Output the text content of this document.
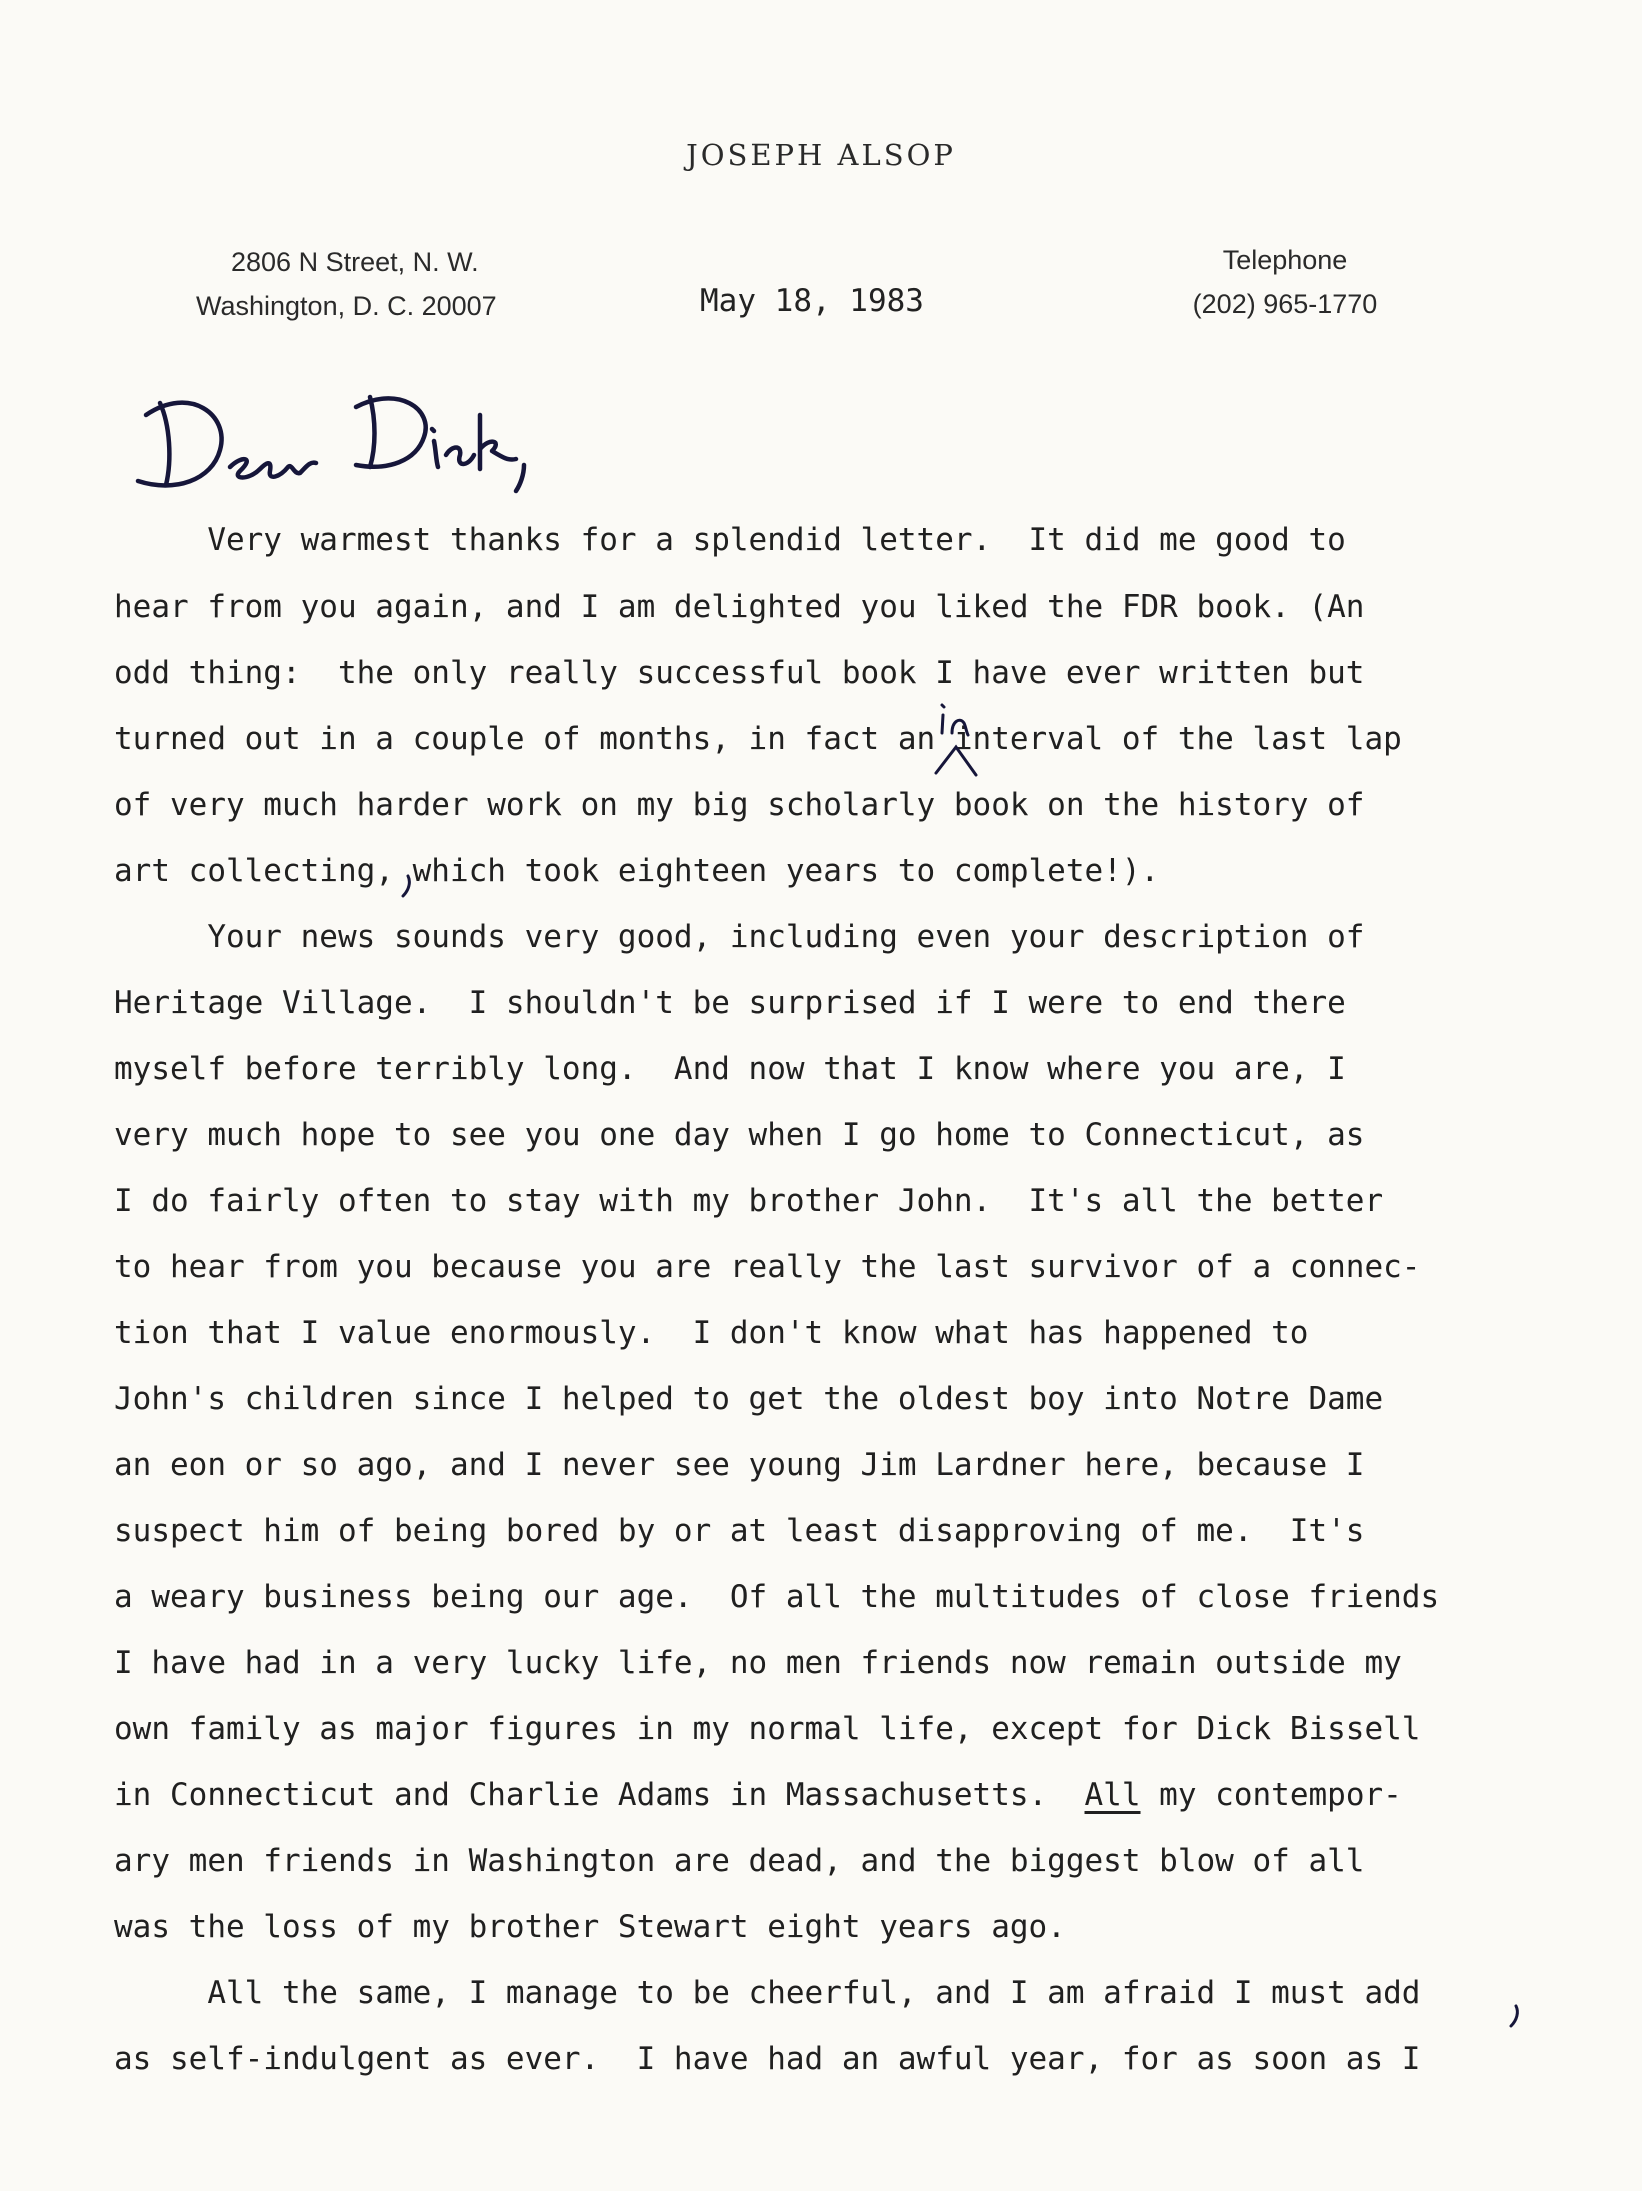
JOSEPH ALSOP
2806 N Street, N. W.
Washington, D. C. 20007
Telephone
(202) 965-1770
May 18, 1983
Very warmest thanks for a splendid letter.  It did me good to
hear from you again, and I am delighted you liked the FDR book. (An
odd thing:  the only really successful book I have ever written but
turned out in a couple of months, in fact an interval of the last lap
of very much harder work on my big scholarly book on the history of
art collecting, which took eighteen years to complete!).
Your news sounds very good, including even your description of
Heritage Village.  I shouldn't be surprised if I were to end there
myself before terribly long.  And now that I know where you are, I
very much hope to see you one day when I go home to Connecticut, as
I do fairly often to stay with my brother John.  It's all the better
to hear from you because you are really the last survivor of a connec-
tion that I value enormously.  I don't know what has happened to
John's children since I helped to get the oldest boy into Notre Dame
an eon or so ago, and I never see young Jim Lardner here, because I
suspect him of being bored by or at least disapproving of me.  It's
a weary business being our age.  Of all the multitudes of close friends
I have had in a very lucky life, no men friends now remain outside my
own family as major figures in my normal life, except for Dick Bissell
in Connecticut and Charlie Adams in Massachusetts.  All my contempor-
ary men friends in Washington are dead, and the biggest blow of all
was the loss of my brother Stewart eight years ago.
All the same, I manage to be cheerful, and I am afraid I must add
as self-indulgent as ever.  I have had an awful year, for as soon as I
